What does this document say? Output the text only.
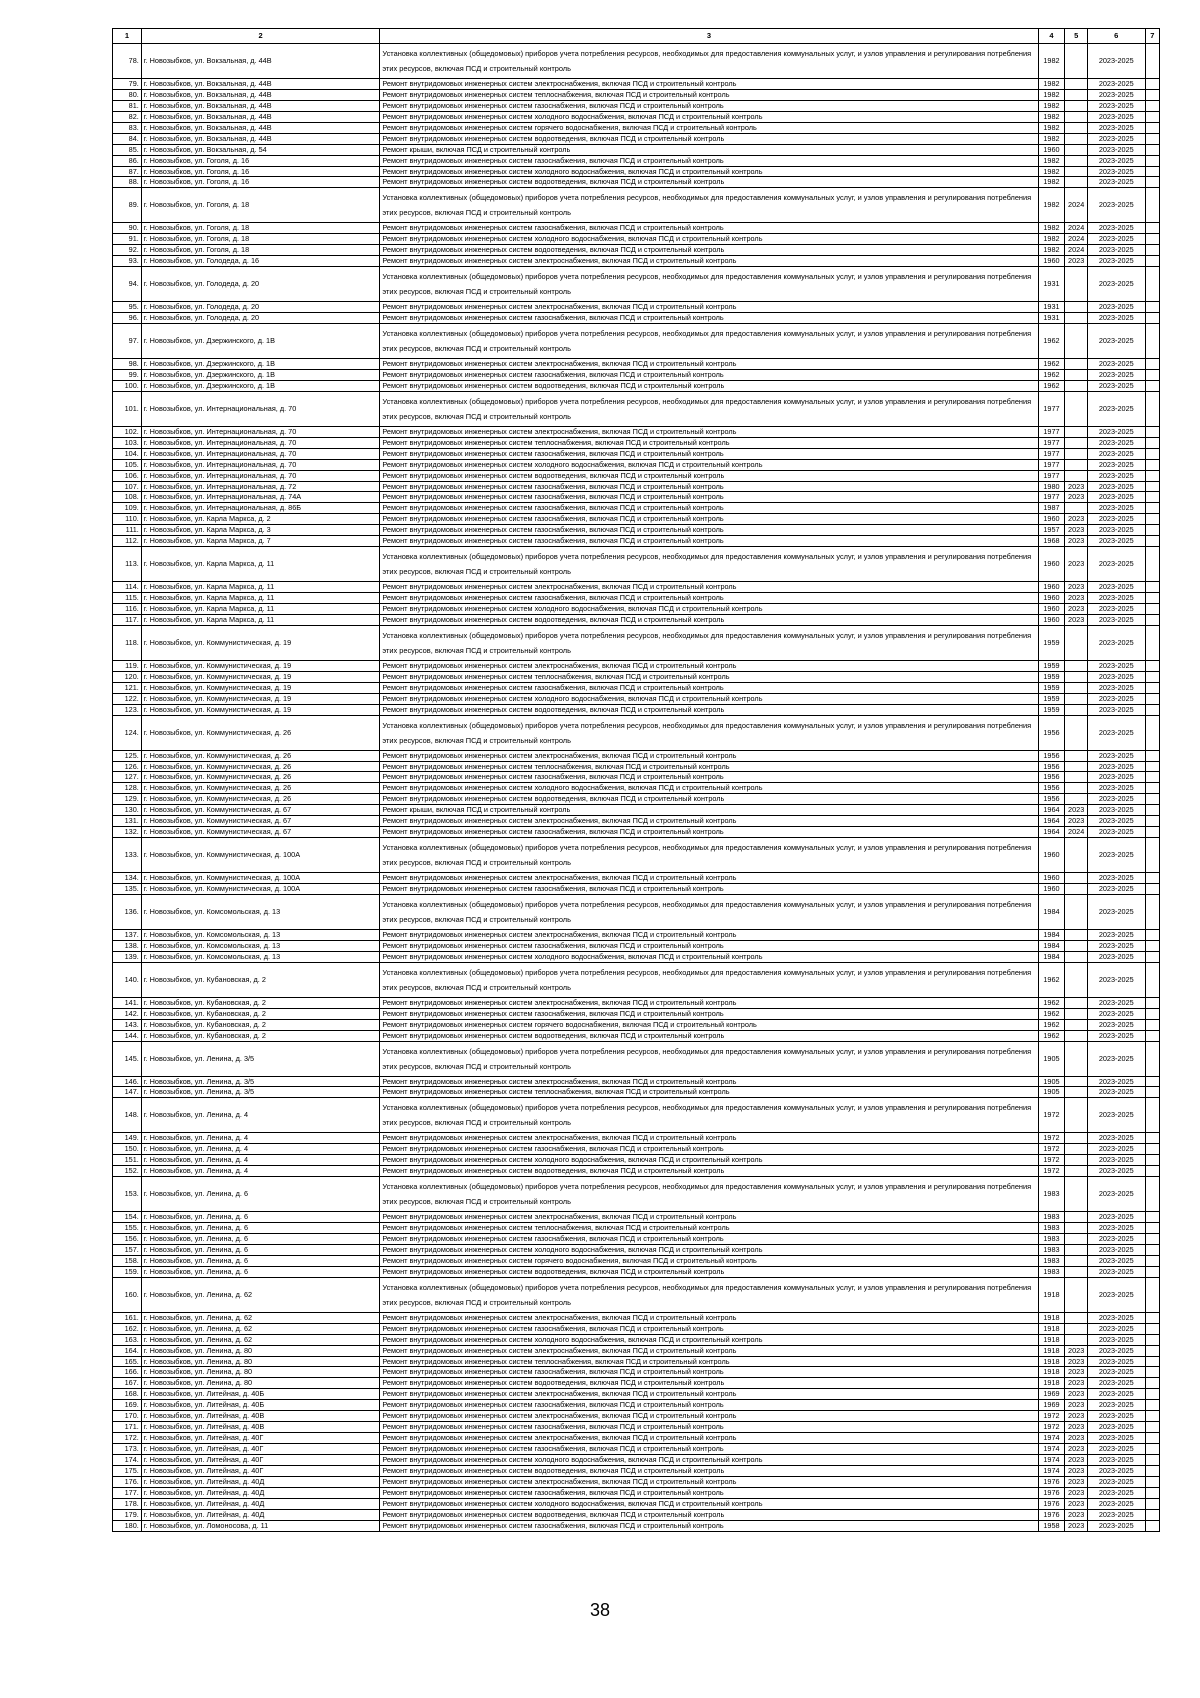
1	2	3	4	5	6	7
78.	г. Новозыбков, ул. Вокзальная, д. 44В	Установка коллективных (общедомовых) приборов учета потребления ресурсов, необходимых для предоставления коммунальных услуг, и узлов управления и регулирования потребления этих ресурсов, включая ПСД и строительный контроль	1982		2023-2025	
79.	г. Новозыбков, ул. Вокзальная, д. 44В	Ремонт внутридомовых инженерных систем электроснабжения, включая ПСД и строительный контроль	1982		2023-2025	
80.	г. Новозыбков, ул. Вокзальная, д. 44В	Ремонт внутридомовых инженерных систем теплоснабжения, включая ПСД и строительный контроль	1982		2023-2025	
81.	г. Новозыбков, ул. Вокзальная, д. 44В	Ремонт внутридомовых инженерных систем газоснабжения, включая ПСД и строительный контроль	1982		2023-2025	
82.	г. Новозыбков, ул. Вокзальная, д. 44В	Ремонт внутридомовых инженерных систем холодного водоснабжения, включая ПСД и строительный контроль	1982		2023-2025	
83.	г. Новозыбков, ул. Вокзальная, д. 44В	Ремонт внутридомовых инженерных систем горячего водоснабжения, включая ПСД и строительный контроль	1982		2023-2025	
84.	г. Новозыбков, ул. Вокзальная, д. 44В	Ремонт внутридомовых инженерных систем водоотведения, включая ПСД и строительный контроль	1982		2023-2025	
85.	г. Новозыбков, ул. Вокзальная, д. 54	Ремонт крыши, включая ПСД и строительный контроль	1960		2023-2025	
86.	г. Новозыбков, ул. Гоголя, д. 16	Ремонт внутридомовых инженерных систем газоснабжения, включая ПСД и строительный контроль	1982		2023-2025	
87.	г. Новозыбков, ул. Гоголя, д. 16	Ремонт внутридомовых инженерных систем холодного водоснабжения, включая ПСД и строительный контроль	1982		2023-2025	
88.	г. Новозыбков, ул. Гоголя, д. 16	Ремонт внутридомовых инженерных систем водоотведения, включая ПСД и строительный контроль	1982		2023-2025	
89.	г. Новозыбков, ул. Гоголя, д. 18	Установка коллективных (общедомовых) приборов учета потребления ресурсов, необходимых для предоставления коммунальных услуг, и узлов управления и регулирования потребления этих ресурсов, включая ПСД и строительный контроль	1982	2024	2023-2025	
90.	г. Новозыбков, ул. Гоголя, д. 18	Ремонт внутридомовых инженерных систем газоснабжения, включая ПСД и строительный контроль	1982	2024	2023-2025	
91.	г. Новозыбков, ул. Гоголя, д. 18	Ремонт внутридомовых инженерных систем холодного водоснабжения, включая ПСД и строительный контроль	1982	2024	2023-2025	
92.	г. Новозыбков, ул. Гоголя, д. 18	Ремонт внутридомовых инженерных систем водоотведения, включая ПСД и строительный контроль	1982	2024	2023-2025	
93.	г. Новозыбков, ул. Голодеда, д. 16	Ремонт внутридомовых инженерных систем электроснабжения, включая ПСД и строительный контроль	1960	2023	2023-2025	
94.	г. Новозыбков, ул. Голодеда, д. 20	Установка коллективных (общедомовых) приборов учета потребления ресурсов, необходимых для предоставления коммунальных услуг, и узлов управления и регулирования потребления этих ресурсов, включая ПСД и строительный контроль	1931		2023-2025	
95.	г. Новозыбков, ул. Голодеда, д. 20	Ремонт внутридомовых инженерных систем электроснабжения, включая ПСД и строительный контроль	1931		2023-2025	
96.	г. Новозыбков, ул. Голодеда, д. 20	Ремонт внутридомовых инженерных систем газоснабжения, включая ПСД и строительный контроль	1931		2023-2025	
97.	г. Новозыбков, ул. Дзержинского, д. 1В	Установка коллективных (общедомовых) приборов учета потребления ресурсов, необходимых для предоставления коммунальных услуг, и узлов управления и регулирования потребления этих ресурсов, включая ПСД и строительный контроль	1962		2023-2025	
98.	г. Новозыбков, ул. Дзержинского, д. 1В	Ремонт внутридомовых инженерных систем электроснабжения, включая ПСД и строительный контроль	1962		2023-2025	
99.	г. Новозыбков, ул. Дзержинского, д. 1В	Ремонт внутридомовых инженерных систем газоснабжения, включая ПСД и строительный контроль	1962		2023-2025	
100.	г. Новозыбков, ул. Дзержинского, д. 1В	Ремонт внутридомовых инженерных систем водоотведения, включая ПСД и строительный контроль	1962		2023-2025	
101.	г. Новозыбков, ул. Интернациональная, д. 70	Установка коллективных (общедомовых) приборов учета потребления ресурсов, необходимых для предоставления коммунальных услуг, и узлов управления и регулирования потребления этих ресурсов, включая ПСД и строительный контроль	1977		2023-2025	
102.	г. Новозыбков, ул. Интернациональная, д. 70	Ремонт внутридомовых инженерных систем электроснабжения, включая ПСД и строительный контроль	1977		2023-2025	
103.	г. Новозыбков, ул. Интернациональная, д. 70	Ремонт внутридомовых инженерных систем теплоснабжения, включая ПСД и строительный контроль	1977		2023-2025	
104.	г. Новозыбков, ул. Интернациональная, д. 70	Ремонт внутридомовых инженерных систем газоснабжения, включая ПСД и строительный контроль	1977		2023-2025	
105.	г. Новозыбков, ул. Интернациональная, д. 70	Ремонт внутридомовых инженерных систем холодного водоснабжения, включая ПСД и строительный контроль	1977		2023-2025	
106.	г. Новозыбков, ул. Интернациональная, д. 70	Ремонт внутридомовых инженерных систем водоотведения, включая ПСД и строительный контроль	1977		2023-2025	
107.	г. Новозыбков, ул. Интернациональная, д. 72	Ремонт внутридомовых инженерных систем газоснабжения, включая ПСД и строительный контроль	1980	2023	2023-2025	
108.	г. Новозыбков, ул. Интернациональная, д. 74А	Ремонт внутридомовых инженерных систем газоснабжения, включая ПСД и строительный контроль	1977	2023	2023-2025	
109.	г. Новозыбков, ул. Интернациональная, д. 86Б	Ремонт внутридомовых инженерных систем газоснабжения, включая ПСД и строительный контроль	1987		2023-2025	
110.	г. Новозыбков, ул. Карла Маркса, д. 2	Ремонт внутридомовых инженерных систем газоснабжения, включая ПСД и строительный контроль	1960	2023	2023-2025	
111.	г. Новозыбков, ул. Карла Маркса, д. 3	Ремонт внутридомовых инженерных систем газоснабжения, включая ПСД и строительный контроль	1957	2023	2023-2025	
112.	г. Новозыбков, ул. Карла Маркса, д. 7	Ремонт внутридомовых инженерных систем газоснабжения, включая ПСД и строительный контроль	1968	2023	2023-2025	
113.	г. Новозыбков, ул. Карла Маркса, д. 11	Установка коллективных (общедомовых) приборов учета потребления ресурсов, необходимых для предоставления коммунальных услуг, и узлов управления и регулирования потребления этих ресурсов, включая ПСД и строительный контроль	1960	2023	2023-2025	
114.	г. Новозыбков, ул. Карла Маркса, д. 11	Ремонт внутридомовых инженерных систем электроснабжения, включая ПСД и строительный контроль	1960	2023	2023-2025	
115.	г. Новозыбков, ул. Карла Маркса, д. 11	Ремонт внутридомовых инженерных систем газоснабжения, включая ПСД и строительный контроль	1960	2023	2023-2025	
116.	г. Новозыбков, ул. Карла Маркса, д. 11	Ремонт внутридомовых инженерных систем холодного водоснабжения, включая ПСД и строительный контроль	1960	2023	2023-2025	
117.	г. Новозыбков, ул. Карла Маркса, д. 11	Ремонт внутридомовых инженерных систем водоотведения, включая ПСД и строительный контроль	1960	2023	2023-2025	
118.	г. Новозыбков, ул. Коммунистическая, д. 19	Установка коллективных (общедомовых) приборов учета потребления ресурсов, необходимых для предоставления коммунальных услуг, и узлов управления и регулирования потребления этих ресурсов, включая ПСД и строительный контроль	1959		2023-2025	
119.	г. Новозыбков, ул. Коммунистическая, д. 19	Ремонт внутридомовых инженерных систем электроснабжения, включая ПСД и строительный контроль	1959		2023-2025	
120.	г. Новозыбков, ул. Коммунистическая, д. 19	Ремонт внутридомовых инженерных систем теплоснабжения, включая ПСД и строительный контроль	1959		2023-2025	
121.	г. Новозыбков, ул. Коммунистическая, д. 19	Ремонт внутридомовых инженерных систем газоснабжения, включая ПСД и строительный контроль	1959		2023-2025	
122.	г. Новозыбков, ул. Коммунистическая, д. 19	Ремонт внутридомовых инженерных систем холодного водоснабжения, включая ПСД и строительный контроль	1959		2023-2025	
123.	г. Новозыбков, ул. Коммунистическая, д. 19	Ремонт внутридомовых инженерных систем водоотведения, включая ПСД и строительный контроль	1959		2023-2025	
124.	г. Новозыбков, ул. Коммунистическая, д. 26	Установка коллективных (общедомовых) приборов учета потребления ресурсов, необходимых для предоставления коммунальных услуг, и узлов управления и регулирования потребления этих ресурсов, включая ПСД и строительный контроль	1956		2023-2025	
125.	г. Новозыбков, ул. Коммунистическая, д. 26	Ремонт внутридомовых инженерных систем электроснабжения, включая ПСД и строительный контроль	1956		2023-2025	
126.	г. Новозыбков, ул. Коммунистическая, д. 26	Ремонт внутридомовых инженерных систем теплоснабжения, включая ПСД и строительный контроль	1956		2023-2025	
127.	г. Новозыбков, ул. Коммунистическая, д. 26	Ремонт внутридомовых инженерных систем газоснабжения, включая ПСД и строительный контроль	1956		2023-2025	
128.	г. Новозыбков, ул. Коммунистическая, д. 26	Ремонт внутридомовых инженерных систем холодного водоснабжения, включая ПСД и строительный контроль	1956		2023-2025	
129.	г. Новозыбков, ул. Коммунистическая, д. 26	Ремонт внутридомовых инженерных систем водоотведения, включая ПСД и строительный контроль	1956		2023-2025	
130.	г. Новозыбков, ул. Коммунистическая, д. 67	Ремонт крыши, включая ПСД и строительный контроль	1964	2023	2023-2025	
131.	г. Новозыбков, ул. Коммунистическая, д. 67	Ремонт внутридомовых инженерных систем электроснабжения, включая ПСД и строительный контроль	1964	2023	2023-2025	
132.	г. Новозыбков, ул. Коммунистическая, д. 67	Ремонт внутридомовых инженерных систем газоснабжения, включая ПСД и строительный контроль	1964	2024	2023-2025	
133.	г. Новозыбков, ул. Коммунистическая, д. 100А	Установка коллективных (общедомовых) приборов учета потребления ресурсов, необходимых для предоставления коммунальных услуг, и узлов управления и регулирования потребления этих ресурсов, включая ПСД и строительный контроль	1960		2023-2025	
134.	г. Новозыбков, ул. Коммунистическая, д. 100А	Ремонт внутридомовых инженерных систем электроснабжения, включая ПСД и строительный контроль	1960		2023-2025	
135.	г. Новозыбков, ул. Коммунистическая, д. 100А	Ремонт внутридомовых инженерных систем газоснабжения, включая ПСД и строительный контроль	1960		2023-2025	
136.	г. Новозыбков, ул. Комсомольская, д. 13	Установка коллективных (общедомовых) приборов учета потребления ресурсов, необходимых для предоставления коммунальных услуг, и узлов управления и регулирования потребления этих ресурсов, включая ПСД и строительный контроль	1984		2023-2025	
137.	г. Новозыбков, ул. Комсомольская, д. 13	Ремонт внутридомовых инженерных систем электроснабжения, включая ПСД и строительный контроль	1984		2023-2025	
138.	г. Новозыбков, ул. Комсомольская, д. 13	Ремонт внутридомовых инженерных систем газоснабжения, включая ПСД и строительный контроль	1984		2023-2025	
139.	г. Новозыбков, ул. Комсомольская, д. 13	Ремонт внутридомовых инженерных систем холодного водоснабжения, включая ПСД и строительный контроль	1984		2023-2025	
140.	г. Новозыбков, ул. Кубановская, д. 2	Установка коллективных (общедомовых) приборов учета потребления ресурсов, необходимых для предоставления коммунальных услуг, и узлов управления и регулирования потребления этих ресурсов, включая ПСД и строительный контроль	1962		2023-2025	
141.	г. Новозыбков, ул. Кубановская, д. 2	Ремонт внутридомовых инженерных систем электроснабжения, включая ПСД и строительный контроль	1962		2023-2025	
142.	г. Новозыбков, ул. Кубановская, д. 2	Ремонт внутридомовых инженерных систем газоснабжения, включая ПСД и строительный контроль	1962		2023-2025	
143.	г. Новозыбков, ул. Кубановская, д. 2	Ремонт внутридомовых инженерных систем горячего водоснабжения, включая ПСД и строительный контроль	1962		2023-2025	
144.	г. Новозыбков, ул. Кубановская, д. 2	Ремонт внутридомовых инженерных систем водоотведения, включая ПСД и строительный контроль	1962		2023-2025	
145.	г. Новозыбков, ул. Ленина, д. 3/5	Установка коллективных (общедомовых) приборов учета потребления ресурсов, необходимых для предоставления коммунальных услуг, и узлов управления и регулирования потребления этих ресурсов, включая ПСД и строительный контроль	1905		2023-2025	
146.	г. Новозыбков, ул. Ленина, д. 3/5	Ремонт внутридомовых инженерных систем электроснабжения, включая ПСД и строительный контроль	1905		2023-2025	
147.	г. Новозыбков, ул. Ленина, д. 3/5	Ремонт внутридомовых инженерных систем теплоснабжения, включая ПСД и строительный контроль	1905		2023-2025	
148.	г. Новозыбков, ул. Ленина, д. 4	Установка коллективных (общедомовых) приборов учета потребления ресурсов, необходимых для предоставления коммунальных услуг, и узлов управления и регулирования потребления этих ресурсов, включая ПСД и строительный контроль	1972		2023-2025	
149.	г. Новозыбков, ул. Ленина, д. 4	Ремонт внутридомовых инженерных систем электроснабжения, включая ПСД и строительный контроль	1972		2023-2025	
150.	г. Новозыбков, ул. Ленина, д. 4	Ремонт внутридомовых инженерных систем газоснабжения, включая ПСД и строительный контроль	1972		2023-2025	
151.	г. Новозыбков, ул. Ленина, д. 4	Ремонт внутридомовых инженерных систем холодного водоснабжения, включая ПСД и строительный контроль	1972		2023-2025	
152.	г. Новозыбков, ул. Ленина, д. 4	Ремонт внутридомовых инженерных систем водоотведения, включая ПСД и строительный контроль	1972		2023-2025	
153.	г. Новозыбков, ул. Ленина, д. 6	Установка коллективных (общедомовых) приборов учета потребления ресурсов, необходимых для предоставления коммунальных услуг, и узлов управления и регулирования потребления этих ресурсов, включая ПСД и строительный контроль	1983		2023-2025	
154.	г. Новозыбков, ул. Ленина, д. 6	Ремонт внутридомовых инженерных систем электроснабжения, включая ПСД и строительный контроль	1983		2023-2025	
155.	г. Новозыбков, ул. Ленина, д. 6	Ремонт внутридомовых инженерных систем теплоснабжения, включая ПСД и строительный контроль	1983		2023-2025	
156.	г. Новозыбков, ул. Ленина, д. 6	Ремонт внутридомовых инженерных систем газоснабжения, включая ПСД и строительный контроль	1983		2023-2025	
157.	г. Новозыбков, ул. Ленина, д. 6	Ремонт внутридомовых инженерных систем холодного водоснабжения, включая ПСД и строительный контроль	1983		2023-2025	
158.	г. Новозыбков, ул. Ленина, д. 6	Ремонт внутридомовых инженерных систем горячего водоснабжения, включая ПСД и строительный контроль	1983		2023-2025	
159.	г. Новозыбков, ул. Ленина, д. 6	Ремонт внутридомовых инженерных систем водоотведения, включая ПСД и строительный контроль	1983		2023-2025	
160.	г. Новозыбков, ул. Ленина, д. 62	Установка коллективных (общедомовых) приборов учета потребления ресурсов, необходимых для предоставления коммунальных услуг, и узлов управления и регулирования потребления этих ресурсов, включая ПСД и строительный контроль	1918		2023-2025	
161.	г. Новозыбков, ул. Ленина, д. 62	Ремонт внутридомовых инженерных систем электроснабжения, включая ПСД и строительный контроль	1918		2023-2025	
162.	г. Новозыбков, ул. Ленина, д. 62	Ремонт внутридомовых инженерных систем газоснабжения, включая ПСД и строительный контроль	1918		2023-2025	
163.	г. Новозыбков, ул. Ленина, д. 62	Ремонт внутридомовых инженерных систем холодного водоснабжения, включая ПСД и строительный контроль	1918		2023-2025	
164.	г. Новозыбков, ул. Ленина, д. 80	Ремонт внутридомовых инженерных систем электроснабжения, включая ПСД и строительный контроль	1918	2023	2023-2025	
165.	г. Новозыбков, ул. Ленина, д. 80	Ремонт внутридомовых инженерных систем теплоснабжения, включая ПСД и строительный контроль	1918	2023	2023-2025	
166.	г. Новозыбков, ул. Ленина, д. 80	Ремонт внутридомовых инженерных систем газоснабжения, включая ПСД и строительный контроль	1918	2023	2023-2025	
167.	г. Новозыбков, ул. Ленина, д. 80	Ремонт внутридомовых инженерных систем водоотведения, включая ПСД и строительный контроль	1918	2023	2023-2025	
168.	г. Новозыбков, ул. Литейная, д. 40Б	Ремонт внутридомовых инженерных систем электроснабжения, включая ПСД и строительный контроль	1969	2023	2023-2025	
169.	г. Новозыбков, ул. Литейная, д. 40Б	Ремонт внутридомовых инженерных систем газоснабжения, включая ПСД и строительный контроль	1969	2023	2023-2025	
170.	г. Новозыбков, ул. Литейная, д. 40В	Ремонт внутридомовых инженерных систем электроснабжения, включая ПСД и строительный контроль	1972	2023	2023-2025	
171.	г. Новозыбков, ул. Литейная, д. 40В	Ремонт внутридомовых инженерных систем газоснабжения, включая ПСД и строительный контроль	1972	2023	2023-2025	
172.	г. Новозыбков, ул. Литейная, д. 40Г	Ремонт внутридомовых инженерных систем электроснабжения, включая ПСД и строительный контроль	1974	2023	2023-2025	
173.	г. Новозыбков, ул. Литейная, д. 40Г	Ремонт внутридомовых инженерных систем газоснабжения, включая ПСД и строительный контроль	1974	2023	2023-2025	
174.	г. Новозыбков, ул. Литейная, д. 40Г	Ремонт внутридомовых инженерных систем холодного водоснабжения, включая ПСД и строительный контроль	1974	2023	2023-2025	
175.	г. Новозыбков, ул. Литейная, д. 40Г	Ремонт внутридомовых инженерных систем водоотведения, включая ПСД и строительный контроль	1974	2023	2023-2025	
176.	г. Новозыбков, ул. Литейная, д. 40Д	Ремонт внутридомовых инженерных систем электроснабжения, включая ПСД и строительный контроль	1976	2023	2023-2025	
177.	г. Новозыбков, ул. Литейная, д. 40Д	Ремонт внутридомовых инженерных систем газоснабжения, включая ПСД и строительный контроль	1976	2023	2023-2025	
178.	г. Новозыбков, ул. Литейная, д. 40Д	Ремонт внутридомовых инженерных систем холодного водоснабжения, включая ПСД и строительный контроль	1976	2023	2023-2025	
179.	г. Новозыбков, ул. Литейная, д. 40Д	Ремонт внутридомовых инженерных систем водоотведения, включая ПСД и строительный контроль	1976	2023	2023-2025	
180.	г. Новозыбков, ул. Ломоносова, д. 11	Ремонт внутридомовых инженерных систем газоснабжения, включая ПСД и строительный контроль	1958	2023	2023-2025	
38
